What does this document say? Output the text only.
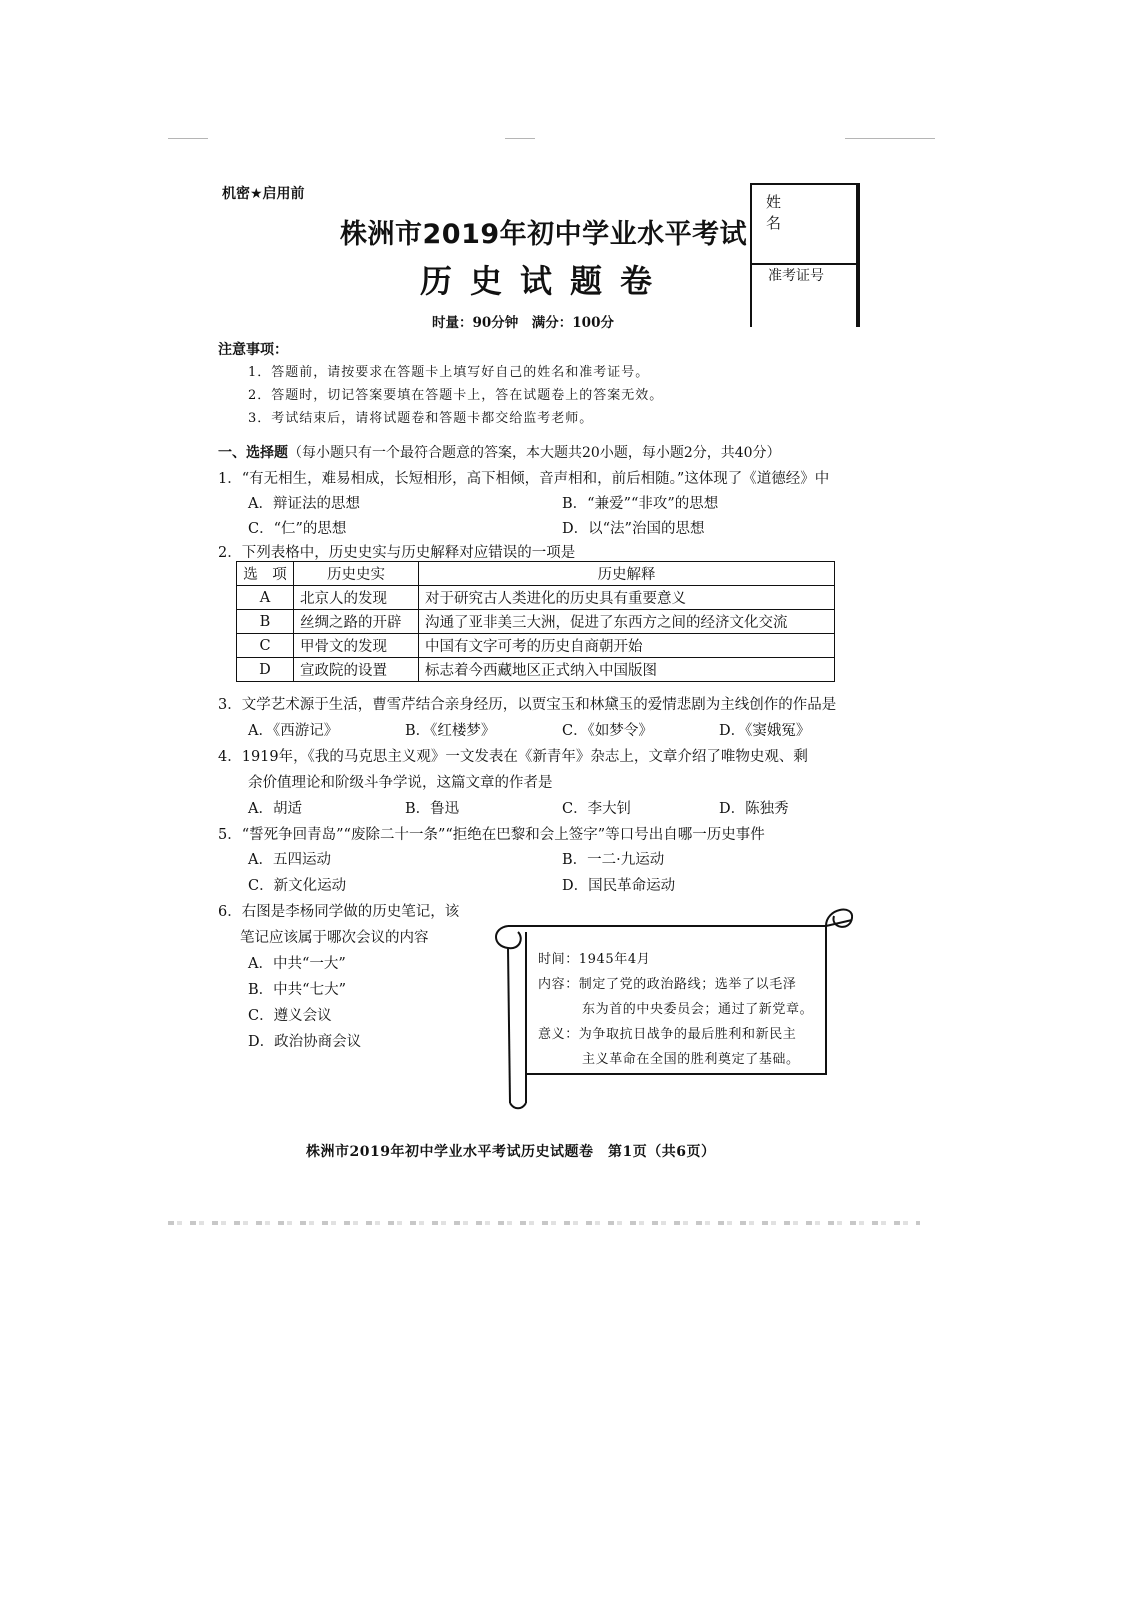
机密★启用前
株洲市2019年初中学业水平考试
历史试题卷
时量：90分钟　满分：100分
姓　名
准考证号
注意事项：
1．答题前，请按要求在答题卡上填写好自己的姓名和准考证号。
2．答题时，切记答案要填在答题卡上，答在试题卷上的答案无效。
3．考试结束后，请将试题卷和答题卡都交给监考老师。
一、选择题（每小题只有一个最符合题意的答案，本大题共20小题，每小题2分，共40分）
1．“有无相生，难易相成，长短相形，高下相倾，音声相和，前后相随。”这体现了《道德经》中
A．辩证法的思想	B．“兼爱”“非攻”的思想
C．“仁”的思想	D．以“法”治国的思想
2．下列表格中，历史史实与历史解释对应错误的一项是
选　项	历史史实	历史解释
A	北京人的发现	对于研究古人类进化的历史具有重要意义
B	丝绸之路的开辟	沟通了亚非美三大洲，促进了东西方之间的经济文化交流
C	甲骨文的发现	中国有文字可考的历史自商朝开始
D	宣政院的设置	标志着今西藏地区正式纳入中国版图
3．文学艺术源于生活，曹雪芹结合亲身经历，以贾宝玉和林黛玉的爱情悲剧为主线创作的作品是
A．《西游记》	B．《红楼梦》	C．《如梦令》	D．《窦娥冤》
4．1919年，《我的马克思主义观》一文发表在《新青年》杂志上，文章介绍了唯物史观、剩
余价值理论和阶级斗争学说，这篇文章的作者是
A．胡适	B．鲁迅	C．李大钊	D．陈独秀
5．“誓死争回青岛”“废除二十一条”“拒绝在巴黎和会上签字”等口号出自哪一历史事件
A．五四运动	B．一二·九运动
C．新文化运动	D．国民革命运动
6．右图是李杨同学做的历史笔记，该
笔记应该属于哪次会议的内容
A．中共“一大”
B．中共“七大”
C．遵义会议
D．政治协商会议
时间：1945年4月
内容：制定了党的政治路线；选举了以毛泽
东为首的中央委员会；通过了新党章。
意义：为争取抗日战争的最后胜利和新民主
主义革命在全国的胜利奠定了基础。
株洲市2019年初中学业水平考试历史试题卷　第1页（共6页）
